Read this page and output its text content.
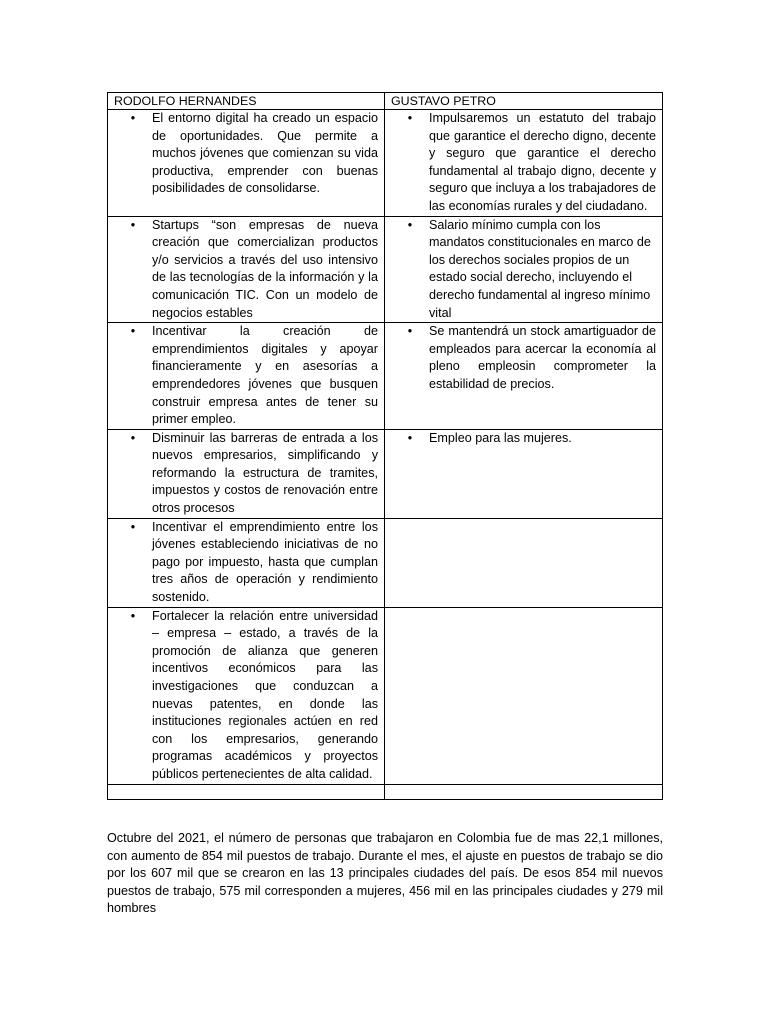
RODOLFO HERNANDES	GUSTAVO PETRO

• El entorno digital ha creado un espacio de oportunidades. Que permite a muchos jóvenes que comienzan su vida productiva, emprender con buenas posibilidades de consolidarse.	• Impulsaremos un estatuto del trabajo que garantice el derecho digno, decente y seguro que garantice el derecho fundamental al trabajo digno, decente y seguro que incluya a los trabajadores de las economías rurales y del ciudadano.

• Startups “son empresas de nueva creación que comercializan productos y/o servicios a través del uso intensivo de las tecnologías de la información y la comunicación TIC. Con un modelo de negocios estables	• Salario mínimo cumpla con los mandatos constitucionales en marco de los derechos sociales propios de un estado social derecho, incluyendo el derecho fundamental al ingreso mínimo vital

• Incentivar la creación de emprendimientos digitales y apoyar financieramente y en asesorías a emprendedores jóvenes que busquen construir empresa antes de tener su primer empleo.	• Se mantendrá un stock amartiguador de empleados para acercar la economía al pleno empleosin comprometer la estabilidad de precios.

• Disminuir las barreras de entrada a los nuevos empresarios, simplificando y reformando la estructura de tramites, impuestos y costos de renovación entre otros procesos	• Empleo para las mujeres.

• Incentivar el emprendimiento entre los jóvenes estableciendo iniciativas de no pago por impuesto, hasta que cumplan tres años de operación y rendimiento sostenido.	

• Fortalecer la relación entre universidad – empresa – estado, a través de la promoción de alianza que generen incentivos económicos para las investigaciones que conduzcan a nuevas patentes, en donde las instituciones regionales actúen en red con los empresarios, generando programas académicos y proyectos públicos pertenecientes de alta calidad.	

Octubre del 2021, el número de personas que trabajaron en Colombia fue de mas 22,1 millones, con aumento de 854 mil puestos de trabajo. Durante el mes, el ajuste en puestos de trabajo se dio por los 607 mil que se crearon en las 13 principales ciudades del país. De esos 854 mil nuevos puestos de trabajo, 575 mil corresponden a mujeres, 456 mil en las principales ciudades y 279 mil hombres
